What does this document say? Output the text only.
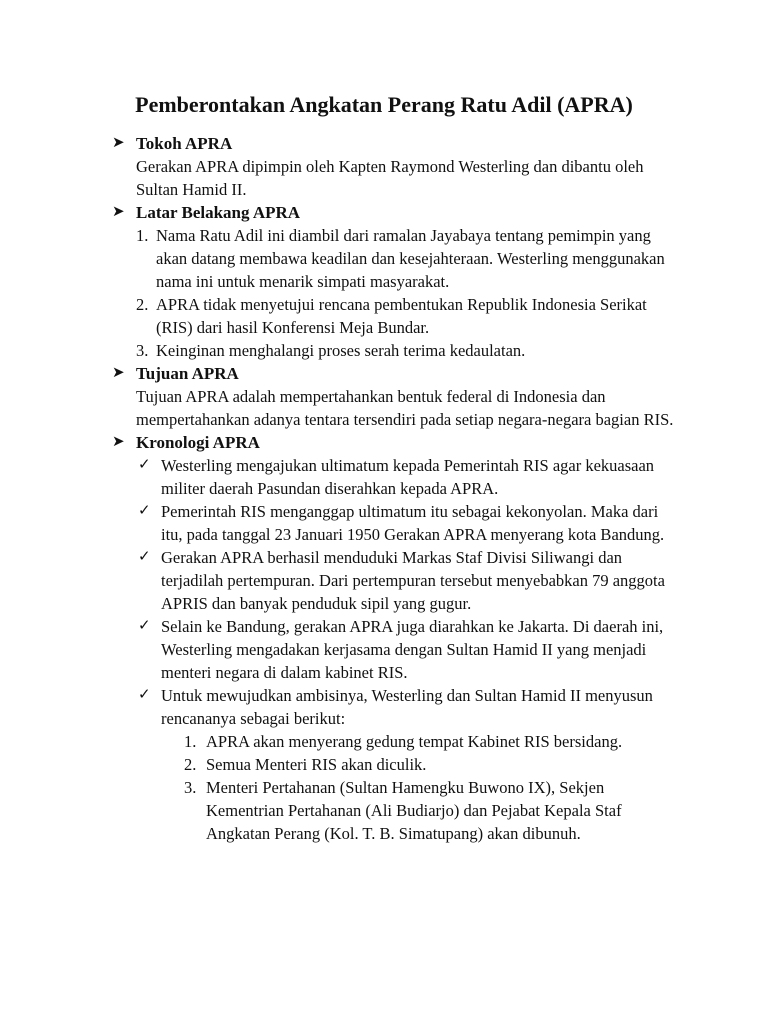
Pemberontakan Angkatan Perang Ratu Adil (APRA)
➤ Tokoh APRA
Gerakan APRA dipimpin oleh Kapten Raymond Westerling dan dibantu oleh Sultan Hamid II.
➤ Latar Belakang APRA
1. Nama Ratu Adil ini diambil dari ramalan Jayabaya tentang pemimpin yang akan datang membawa keadilan dan kesejahteraan. Westerling menggunakan nama ini untuk menarik simpati masyarakat.
2. APRA tidak menyetujui rencana pembentukan Republik Indonesia Serikat (RIS) dari hasil Konferensi Meja Bundar.
3. Keinginan menghalangi proses serah terima kedaulatan.
➤ Tujuan APRA
Tujuan APRA adalah mempertahankan bentuk federal di Indonesia dan mempertahankan adanya tentara tersendiri pada setiap negara-negara bagian RIS.
➤ Kronologi APRA
✓ Westerling mengajukan ultimatum kepada Pemerintah RIS agar kekuasaan militer daerah Pasundan diserahkan kepada APRA.
✓ Pemerintah RIS menganggap ultimatum itu sebagai kekonyolan. Maka dari itu, pada tanggal 23 Januari 1950 Gerakan APRA menyerang kota Bandung.
✓ Gerakan APRA berhasil menduduki Markas Staf Divisi Siliwangi dan terjadilah pertempuran. Dari pertempuran tersebut menyebabkan 79 anggota APRIS dan banyak penduduk sipil yang gugur.
✓ Selain ke Bandung, gerakan APRA juga diarahkan ke Jakarta. Di daerah ini, Westerling mengadakan kerjasama dengan Sultan Hamid II yang menjadi menteri negara di dalam kabinet RIS.
✓ Untuk mewujudkan ambisinya, Westerling dan Sultan Hamid II menyusun rencananya sebagai berikut:
1. APRA akan menyerang gedung tempat Kabinet RIS bersidang.
2. Semua Menteri RIS akan diculik.
3. Menteri Pertahanan (Sultan Hamengku Buwono IX), Sekjen Kementrian Pertahanan (Ali Budiarjo) dan Pejabat Kepala Staf Angkatan Perang (Kol. T. B. Simatupang) akan dibunuh.
